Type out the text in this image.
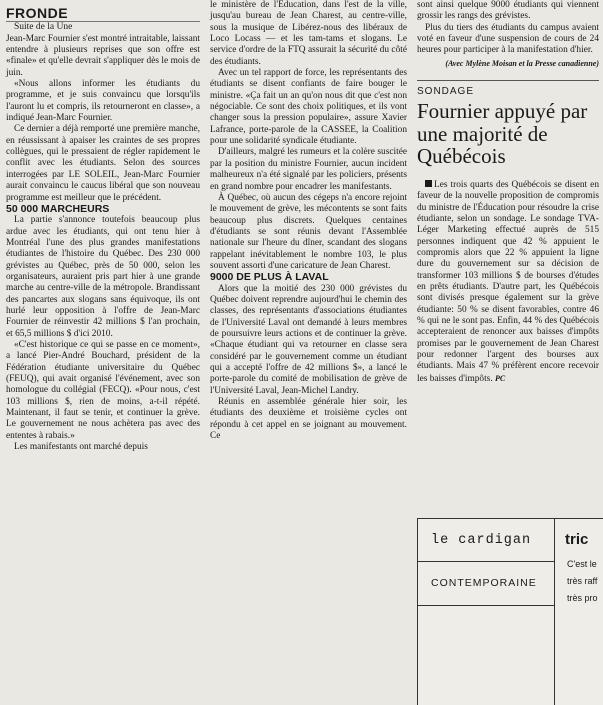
FRONDE

Suite de la Une

Jean-Marc Fournier s'est montré intraitable, laissant entendre à plusieurs reprises que son offre est «finale» et qu'elle devrait s'appliquer dès le mois de juin.

«Nous allons informer les étudiants du programme, et je suis convaincu que lorsqu'ils l'auront lu et compris, ils retourneront en classe», a indiqué Jean-Marc Fournier.

Ce dernier a déjà remporté une première manche, en réussissant à apaiser les craintes de ses propres collègues, qui le pressaient de régler rapidement le conflit avec les étudiants. Selon des sources interrogées par LE SOLEIL, Jean-Marc Fournier aurait convaincu le caucus libéral que son nouveau programme est meilleur que le précédent.

50 000 MARCHEURS

La partie s'annonce toutefois beaucoup plus ardue avec les étudiants, qui ont tenu hier à Montréal l'une des plus grandes manifestations étudiantes de l'histoire du Québec. Des 230 000 grévistes au Québec, près de 50 000, selon les organisateurs, auraient pris part hier à une grande marche au centre-ville de la métropole. Brandissant des pancartes aux slogans sans équivoque, ils ont hurlé leur opposition à l'offre de Jean-Marc Fournier de réinvestir 42 millions $ l'an prochain, et 65,5 millions $ d'ici 2010.

«C'est historique ce qui se passe en ce moment», a lancé Pier-André Bouchard, président de la Fédération étudiante universitaire du Québec (FEUQ), qui avait organisé l'événement, avec son homologue du collégial (FECQ). «Pour nous, c'est 103 millions $, rien de moins, a-t-il répété. Maintenant, il faut se tenir, et continuer la grève. Le gouvernement ne nous achètera pas avec des ententes à rabais.»

Les manifestants ont marché depuis

le ministère de l'Éducation, dans l'est de la ville, jusqu'au bureau de Jean Charest, au centre-ville, sous la musique de Libérez-nous des libéraux de Loco Locass — et les tam-tams et slogans. Le service d'ordre de la FTQ assurait la sécurité du côté des étudiants.

Avec un tel rapport de force, les représentants des étudiants se disent confiants de faire bouger le ministre. «Ça fait un an qu'on nous dit que c'est non négociable. Ce sont des choix politiques, et ils vont changer sous la pression populaire», assure Xavier Lafrance, porte-parole de la CASSEE, la Coalition pour une solidarité syndicale étudiante.

D'ailleurs, malgré les rumeurs et la colère suscitée par la position du ministre Fournier, aucun incident malheureux n'a été signalé par les policiers, présents en grand nombre pour encadrer les manifestants.

À Québec, où aucun des cégeps n'a encore rejoint le mouvement de grève, les mécontents se sont faits beaucoup plus discrets. Quelques centaines d'étudiants se sont réunis devant l'Assemblée nationale sur l'heure du dîner, scandant des slogans rappelant inévitablement le nombre 103, le plus souvent assorti d'une caricature de Jean Charest.

9000 DE PLUS À LAVAL

Alors que la moitié des 230 000 grévistes du Québec doivent reprendre aujourd'hui le chemin des classes, des représentants d'associations étudiantes de l'Université Laval ont demandé à leurs membres de poursuivre leurs actions et de continuer la grève. «Chaque étudiant qui va retourner en classe sera considéré par le gouvernement comme un étudiant qui a accepté l'offre de 42 millions $», a lancé le porte-parole du comité de mobilisation de grève de l'Université Laval, Jean-Michel Landry.

Réunis en assemblée générale hier soir, les étudiants des deuxième et troisième cycles ont répondu à cet appel en se joignant au mouvement. Ce

sont ainsi quelque 9000 étudiants qui viennent grossir les rangs des grévistes.

Plus du tiers des étudiants du campus avaient voté en faveur d'une suspension de cours de 24 heures pour participer à la manifestation d'hier.

(Avec Mylène Moisan et la Presse canadienne)
SONDAGE
Fournier appuyé par une majorité de Québécois

Les trois quarts des Québécois se disent en faveur de la nouvelle proposition de compromis du ministre de l'Éducation pour résoudre la crise étudiante, selon un sondage. Le sondage TVA-Léger Marketing effectué auprès de 515 personnes indiquent que 42 % appuient le compromis alors que 22 % appuient la ligne dure du gouvernement sur sa décision de transformer 103 millions $ de bourses d'études en prêts étudiants. D'autre part, les Québécois sont divisés presque également sur la grève étudiante: 50 % se disent favorables, contre 46 % qui ne le sont pas. Enfin, 44 % des Québécois accepteraient de renoncer aux baisses d'impôts promises par le gouvernement de Jean Charest pour redonner l'argent des bourses aux étudiants. Mais 47 % préfèrent encore recevoir les baisses d'impôts. PC

le cardigan tric
CONTEMPORAINE
C'est le
très raff
très pro
